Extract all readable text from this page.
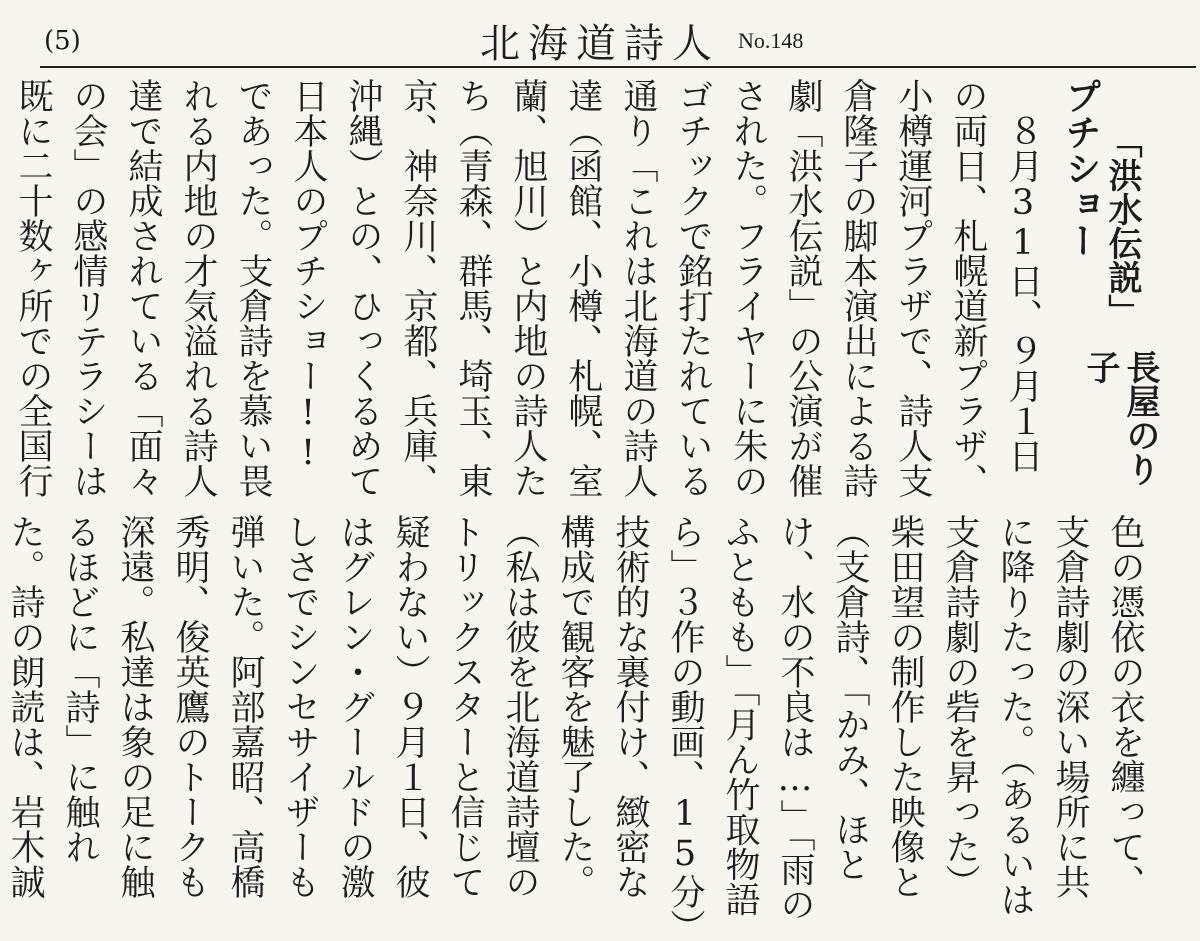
(5)	北海道詩人 No.148
プチショー 「洪水伝説」
長屋のり子
　８月31日、９月１日の両日、札幌道新プラザ、小樽運河プラザで、詩人支倉隆子の脚本演出による詩劇「洪水伝説」の公演が催された。フライヤーに朱のゴチックで銘打たれている通り「これは北海道の詩人達（函館、小樽、札幌、室蘭、旭川）と内地の詩人たち（青森、群馬、埼玉、東京、神奈川、京都、兵庫、沖縄）との、ひっくるめて日本人のプチショー!!であった。支倉詩を慕い畏れる内地の才気溢れる詩人達で結成されている「面々の会」の感情リテラシーは既に二十数ヶ所での全国行
色の憑依の衣を纏って、支倉詩劇の深い場所に共に降りたった。（あるいは支倉詩劇の砦を昇った）柴田望の制作した映像と（支倉詩、「かみ、ほとけ、水の不良は…」「雨のふともも」「月ん竹取物語ら」３作の動画、15分）技術的な裏付け、緻密な構成で観客を魅了した。（私は彼を北海道詩壇のトリックスターと信じて疑わない）９月１日、彼はグレン・グールドの激しさでシンセサイザーも弾いた。阿部嘉昭、高橋秀明、俊英鷹のトークも深遠。私達は象の足に触るほどに「詩」に触れた。詩の朗読は、岩木誠
